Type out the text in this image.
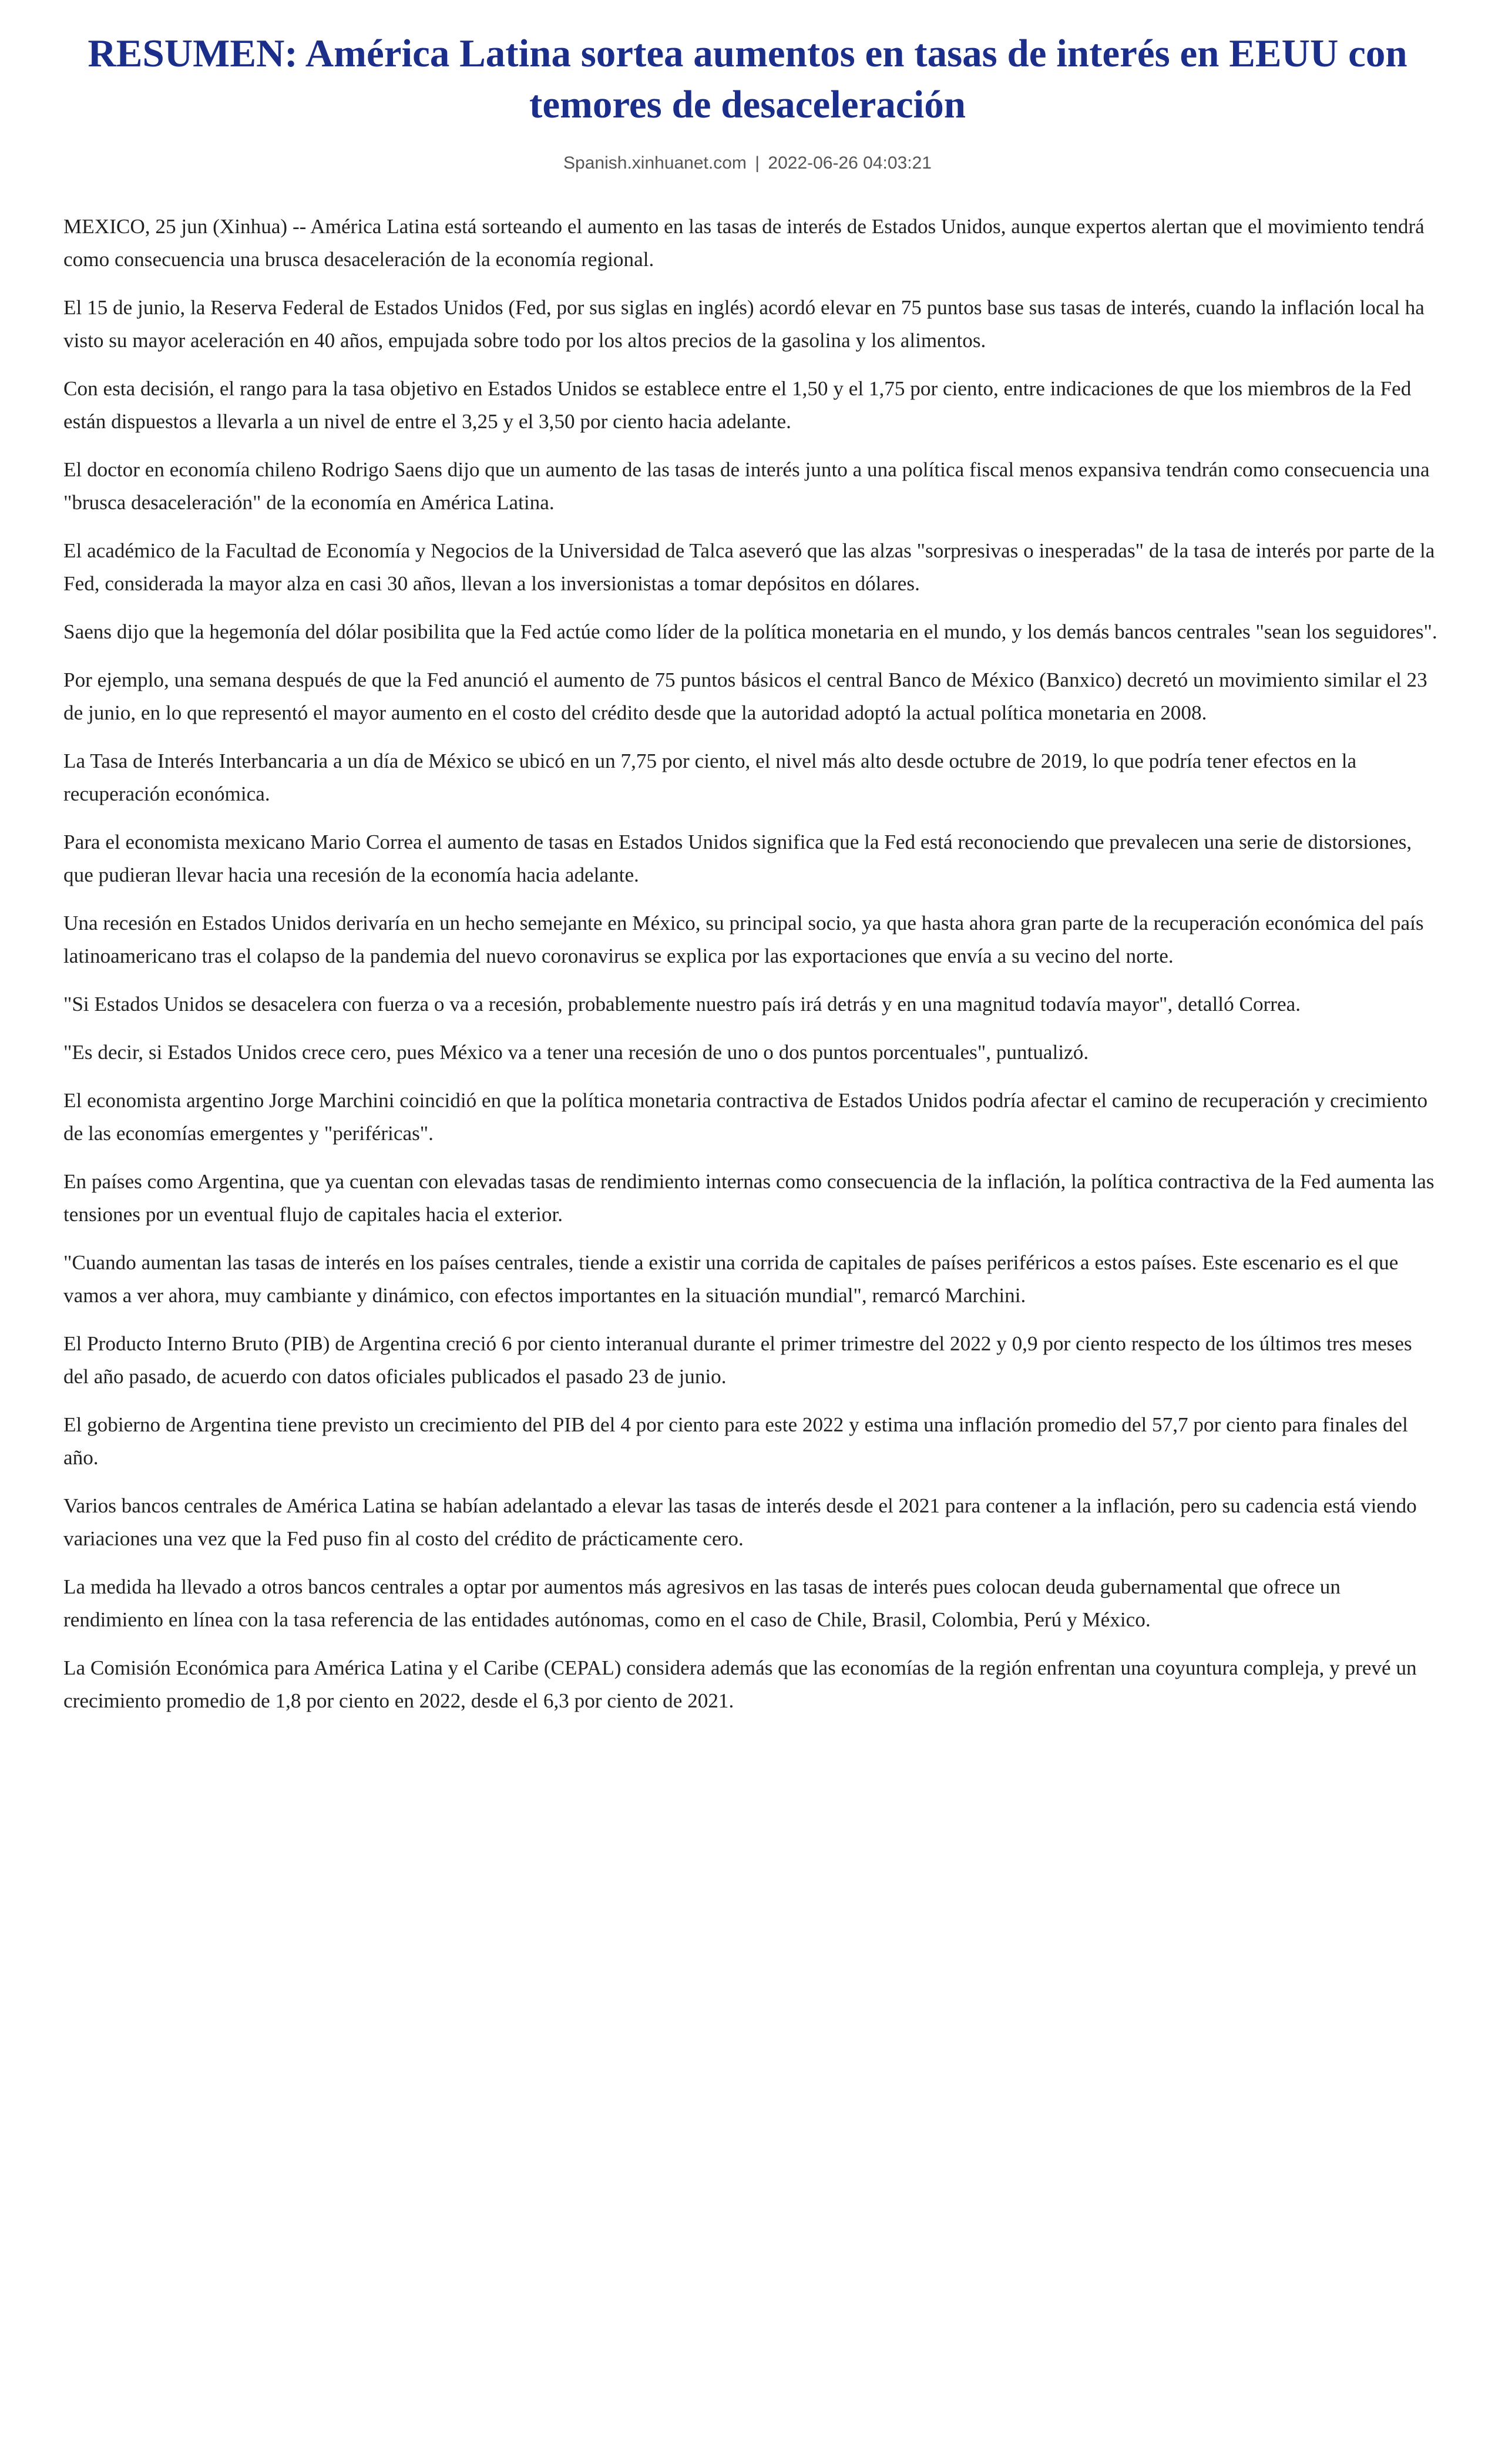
RESUMEN: América Latina sortea aumentos en tasas de interés en EEUU con temores de desaceleración
Spanish.xinhuanet.com | 2022-06-26 04:03:21

MEXICO, 25 jun (Xinhua) -- América Latina está sorteando el aumento en las tasas de interés de Estados Unidos, aunque expertos alertan que el movimiento tendrá como consecuencia una brusca desaceleración de la economía regional.

El 15 de junio, la Reserva Federal de Estados Unidos (Fed, por sus siglas en inglés) acordó elevar en 75 puntos base sus tasas de interés, cuando la inflación local ha visto su mayor aceleración en 40 años, empujada sobre todo por los altos precios de la gasolina y los alimentos.

Con esta decisión, el rango para la tasa objetivo en Estados Unidos se establece entre el 1,50 y el 1,75 por ciento, entre indicaciones de que los miembros de la Fed están dispuestos a llevarla a un nivel de entre el 3,25 y el 3,50 por ciento hacia adelante.

El doctor en economía chileno Rodrigo Saens dijo que un aumento de las tasas de interés junto a una política fiscal menos expansiva tendrán como consecuencia una "brusca desaceleración" de la economía en América Latina.

El académico de la Facultad de Economía y Negocios de la Universidad de Talca aseveró que las alzas "sorpresivas o inesperadas" de la tasa de interés por parte de la Fed, considerada la mayor alza en casi 30 años, llevan a los inversionistas a tomar depósitos en dólares.

Saens dijo que la hegemonía del dólar posibilita que la Fed actúe como líder de la política monetaria en el mundo, y los demás bancos centrales "sean los seguidores".

Por ejemplo, una semana después de que la Fed anunció el aumento de 75 puntos básicos el central Banco de México (Banxico) decretó un movimiento similar el 23 de junio, en lo que representó el mayor aumento en el costo del crédito desde que la autoridad adoptó la actual política monetaria en 2008.

La Tasa de Interés Interbancaria a un día de México se ubicó en un 7,75 por ciento, el nivel más alto desde octubre de 2019, lo que podría tener efectos en la recuperación económica.

Para el economista mexicano Mario Correa el aumento de tasas en Estados Unidos significa que la Fed está reconociendo que prevalecen una serie de distorsiones, que pudieran llevar hacia una recesión de la economía hacia adelante.

Una recesión en Estados Unidos derivaría en un hecho semejante en México, su principal socio, ya que hasta ahora gran parte de la recuperación económica del país latinoamericano tras el colapso de la pandemia del nuevo coronavirus se explica por las exportaciones que envía a su vecino del norte.

"Si Estados Unidos se desacelera con fuerza o va a recesión, probablemente nuestro país irá detrás y en una magnitud todavía mayor", detalló Correa.

"Es decir, si Estados Unidos crece cero, pues México va a tener una recesión de uno o dos puntos porcentuales", puntualizó.

El economista argentino Jorge Marchini coincidió en que la política monetaria contractiva de Estados Unidos podría afectar el camino de recuperación y crecimiento de las economías emergentes y "periféricas".

En países como Argentina, que ya cuentan con elevadas tasas de rendimiento internas como consecuencia de la inflación, la política contractiva de la Fed aumenta las tensiones por un eventual flujo de capitales hacia el exterior.

"Cuando aumentan las tasas de interés en los países centrales, tiende a existir una corrida de capitales de países periféricos a estos países. Este escenario es el que vamos a ver ahora, muy cambiante y dinámico, con efectos importantes en la situación mundial", remarcó Marchini.

El Producto Interno Bruto (PIB) de Argentina creció 6 por ciento interanual durante el primer trimestre del 2022 y 0,9 por ciento respecto de los últimos tres meses del año pasado, de acuerdo con datos oficiales publicados el pasado 23 de junio.

El gobierno de Argentina tiene previsto un crecimiento del PIB del 4 por ciento para este 2022 y estima una inflación promedio del 57,7 por ciento para finales del año.

Varios bancos centrales de América Latina se habían adelantado a elevar las tasas de interés desde el 2021 para contener a la inflación, pero su cadencia está viendo variaciones una vez que la Fed puso fin al costo del crédito de prácticamente cero.

La medida ha llevado a otros bancos centrales a optar por aumentos más agresivos en las tasas de interés pues colocan deuda gubernamental que ofrece un rendimiento en línea con la tasa referencia de las entidades autónomas, como en el caso de Chile, Brasil, Colombia, Perú y México.

La Comisión Económica para América Latina y el Caribe (CEPAL) considera además que las economías de la región enfrentan una coyuntura compleja, y prevé un crecimiento promedio de 1,8 por ciento en 2022, desde el 6,3 por ciento de 2021.
